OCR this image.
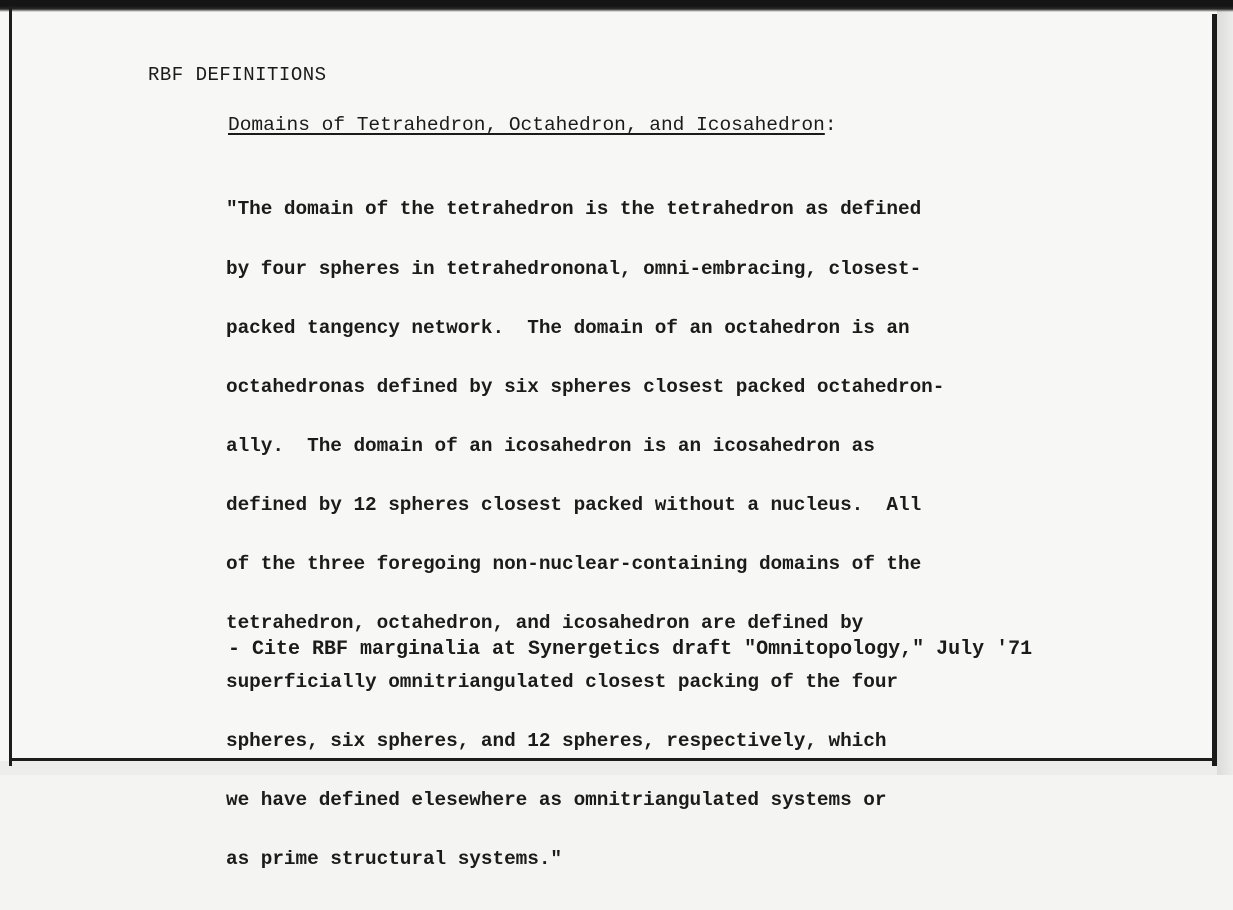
RBF DEFINITIONS

Domains of Tetrahedron, Octahedron, and Icosahedron:

"The domain of the tetrahedron is the tetrahedron as defined

by four spheres in tetrahedrononal, omni-embracing, closest-

packed tangency network.  The domain of an octahedron is an

octahedronas defined by six spheres closest packed octahedron-

ally.  The domain of an icosahedron is an icosahedron as

defined by 12 spheres closest packed without a nucleus.  All

of the three foregoing non-nuclear-containing domains of the

tetrahedron, octahedron, and icosahedron are defined by

superficially omnitriangulated closest packing of the four

spheres, six spheres, and 12 spheres, respectively, which

we have defined elesewhere as omnitriangulated systems or

as prime structural systems."

- Cite RBF marginalia at Synergetics draft "Omnitopology," July '71
